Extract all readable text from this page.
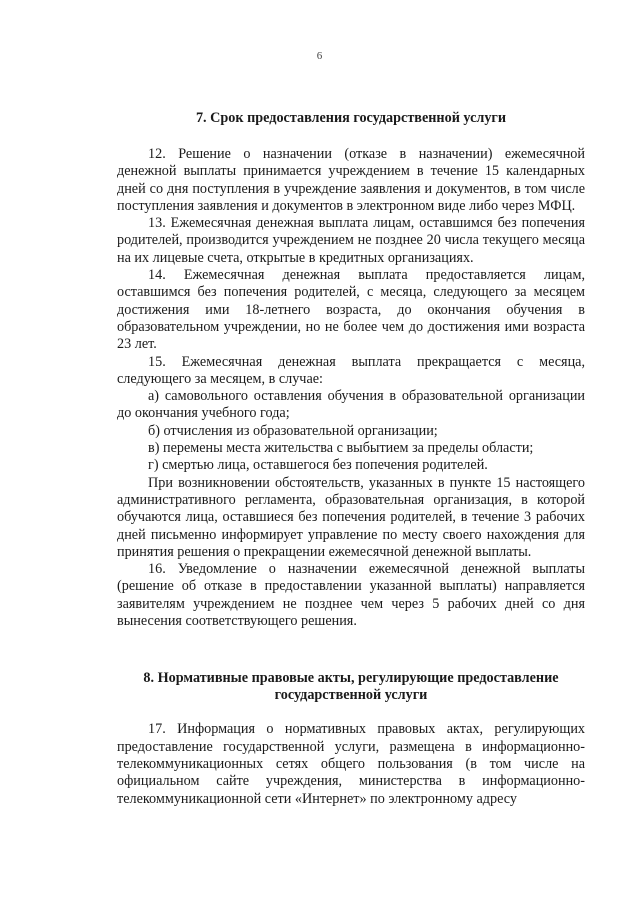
6
7. Срок предоставления государственной услуги

12. Решение о назначении (отказе в назначении) ежемесячной денежной выплаты принимается учреждением в течение 15 календарных дней со дня поступления в учреждение заявления и документов, в том числе поступления заявления и документов в электронном виде либо через МФЦ.

13. Ежемесячная денежная выплата лицам, оставшимся без попечения родителей, производится учреждением не позднее 20 числа текущего месяца на их лицевые счета, открытые в кредитных организациях.

14. Ежемесячная денежная выплата предоставляется лицам, оставшимся без попечения родителей, с месяца, следующего за месяцем достижения ими 18-летнего возраста, до окончания обучения в образовательном учреждении, но не более чем до достижения ими возраста 23 лет.

15. Ежемесячная денежная выплата прекращается с месяца, следующего за месяцем, в случае:

а) самовольного оставления обучения в образовательной организации до окончания учебного года;

б) отчисления из образовательной организации;

в) перемены места жительства с выбытием за пределы области;

г) смертью лица, оставшегося без попечения родителей.

При возникновении обстоятельств, указанных в пункте 15 настоящего административного регламента, образовательная организация, в которой обучаются лица, оставшиеся без попечения родителей, в течение 3 рабочих дней письменно информирует управление по месту своего нахождения для принятия решения о прекращении ежемесячной денежной выплаты.

16. Уведомление о назначении ежемесячной денежной выплаты (решение об отказе в предоставлении указанной выплаты) направляется заявителям учреждением не позднее чем через 5 рабочих дней со дня вынесения соответствующего решения.

8. Нормативные правовые акты, регулирующие предоставление
государственной услуги

17. Информация о нормативных правовых актах, регулирующих предоставление государственной услуги, размещена в информационно-телекоммуникационных сетях общего пользования (в том числе на официальном сайте учреждения, министерства в информационно-телекоммуникационной сети «Интернет» по электронному адресу
